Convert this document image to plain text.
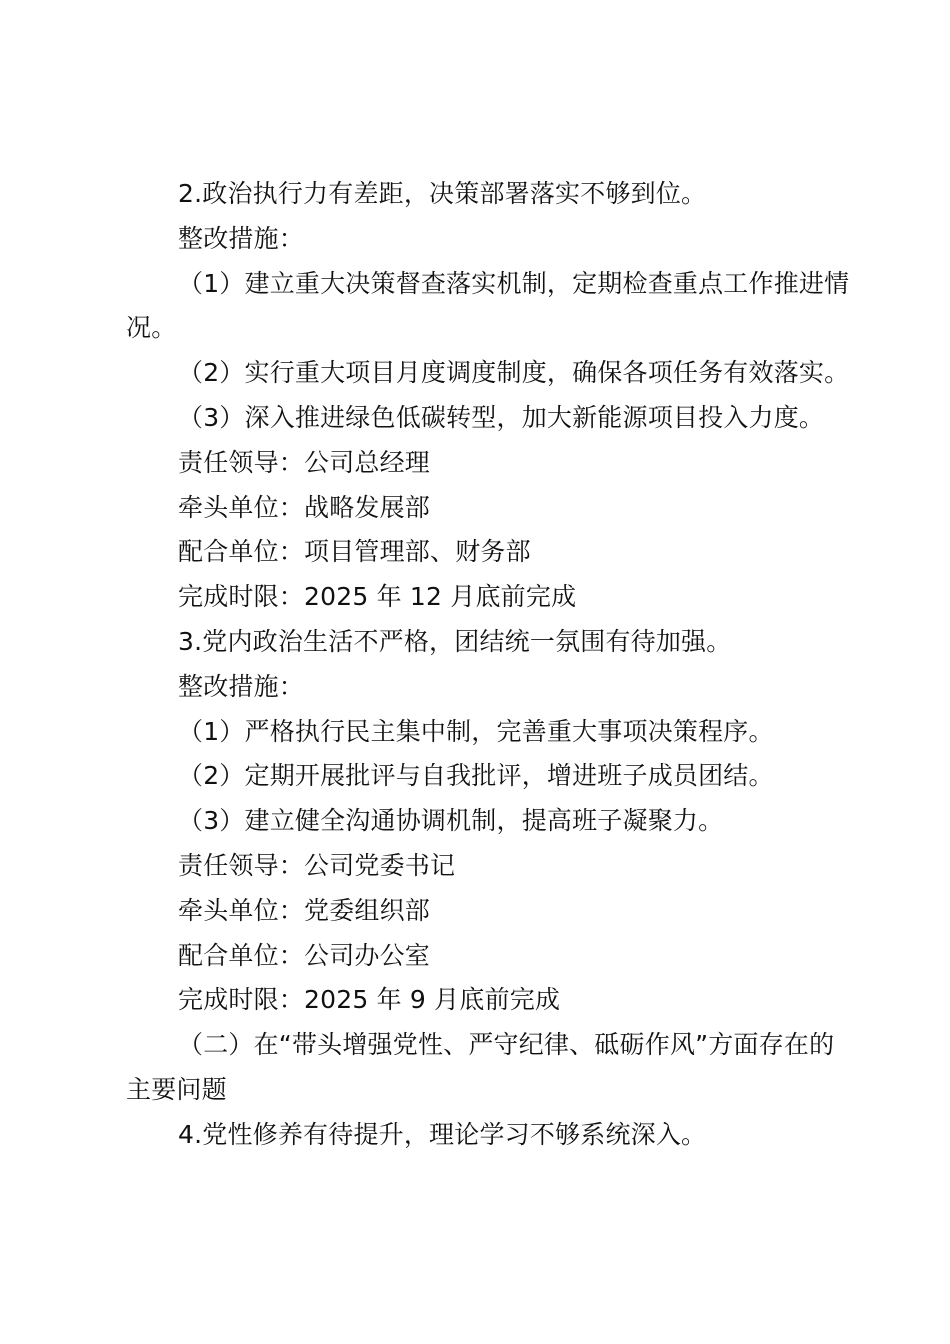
2.政治执行力有差距，决策部署落实不够到位。

整改措施：

（1）建立重大决策督查落实机制，定期检查重点工作推进情况。

（2）实行重大项目月度调度制度，确保各项任务有效落实。

（3）深入推进绿色低碳转型，加大新能源项目投入力度。

责任领导：公司总经理

牵头单位：战略发展部

配合单位：项目管理部、财务部

完成时限：2025 年 12 月底前完成

3.党内政治生活不严格，团结统一氛围有待加强。

整改措施：

（1）严格执行民主集中制，完善重大事项决策程序。

（2）定期开展批评与自我批评，增进班子成员团结。

（3）建立健全沟通协调机制，提高班子凝聚力。

责任领导：公司党委书记

牵头单位：党委组织部

配合单位：公司办公室

完成时限：2025 年 9 月底前完成

（二）在“带头增强党性、严守纪律、砥砺作风”方面存在的主要问题

4.党性修养有待提升，理论学习不够系统深入。
